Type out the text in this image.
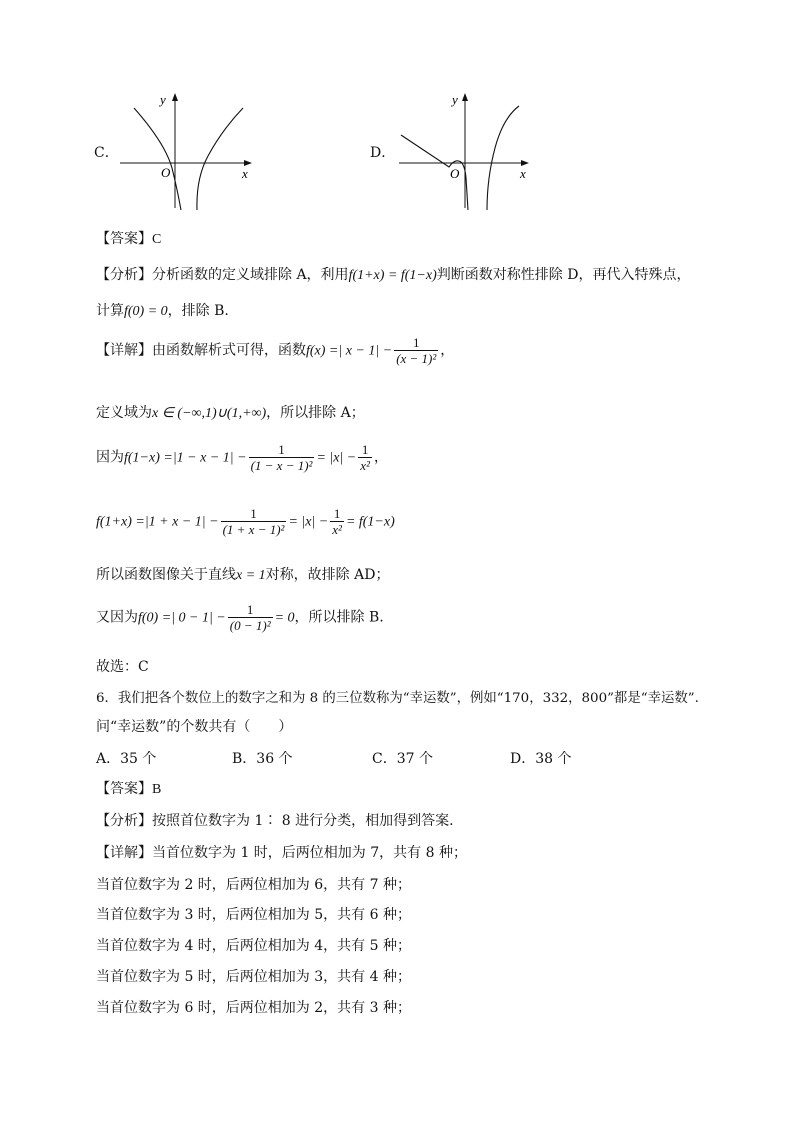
C．
y
x
O
D．
y
x
O
【答案】C
【分析】分析函数的定义域排除 A，利用f(1+x) = f(1−x)判断函数对称性排除 D，再代入特殊点，
计算f(0) = 0，排除 B.
【详解】由函数解析式可得，函数f(x) =| $x - 1| - \frac{1}{\text{(x − 1)²}}$ ，
定义域为x ∈ (−∞,1)∪(1,+∞)，所以排除 A；
因为$f(1-x) =|1 - x - 1| - \frac{1}{\text{(1 − x − 1)²}} = |x| - \frac{1}{\text{x²}}$ ，
$f(1+x) =|1 + x - 1| - \frac{1}{\text{(1 + x − 1)²}} = |x| - \frac{1}{\text{x²}} = f(1-x)$
所以函数图像关于直线x = 1对称，故排除 AD；
又因为f(0) =| $0 - 1| - \frac{1}{\text{(0 − 1)²}} = 0$，所以排除 B.
故选：C
6．我们把各个数位上的数字之和为 8 的三位数称为“幸运数”，例如“170，332，800”都是“幸运数”.
问“幸运数”的个数共有（　　）
A．35 个	B．36 个	C．37 个	D．38 个
【答案】B
【分析】按照首位数字为 1∶ 8 进行分类，相加得到答案.
【详解】当首位数字为 1 时，后两位相加为 7，共有 8 种；
当首位数字为 2 时，后两位相加为 6，共有 7 种；
当首位数字为 3 时，后两位相加为 5，共有 6 种；
当首位数字为 4 时，后两位相加为 4，共有 5 种；
当首位数字为 5 时，后两位相加为 3，共有 4 种；
当首位数字为 6 时，后两位相加为 2，共有 3 种；
